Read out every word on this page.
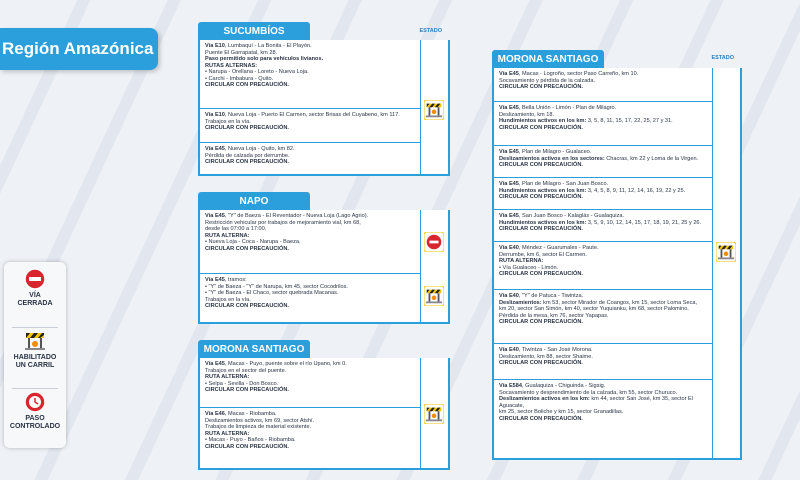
Región Amazónica
VÍA
CERRADA
HABILITADO
UN CARRIL
PASO
CONTROLADO
SUCUMBÍOS	ESTADO
Vía E10, Lumbaquí - La Bonita - El Playón.
Puente El Garrapatal, km 28.
Paso permitido solo para vehículos livianos.
RUTAS ALTERNAS:
• Narupa - Orellana - Loreto - Nueva Loja.
• Carchi - Imbabura - Quito.
CIRCULAR CON PRECAUCIÓN.
Vía E10, Nueva Loja - Puerto El Carmen, sector Brisas del Cuyabeno, km 117.
Trabajos en la vía.
CIRCULAR CON PRECAUCIÓN.
Vía E45, Nueva Loja - Quito, km 82.
Pérdida de calzada por derrumbe.
CIRCULAR CON PRECAUCIÓN.
NAPO
Vía E45, "Y" de Baeza - El Reventador - Nueva Loja (Lago Agrio).
Restricción vehicular por trabajos de mejoramiento vial, km 68,
desde las 07:00 a 17:00.
RUTA ALTERNA:
• Nueva Loja - Coca - Narupa - Baeza.
CIRCULAR CON PRECAUCIÓN.
Vía E45, tramos:
• "Y" de Baeza - "Y" de Narupa, km 45, sector Cocodrilos.
• "Y" de Baeza - El Chaco, sector quebrada Macanas.
Trabajos en la vía.
CIRCULAR CON PRECAUCIÓN.
MORONA SANTIAGO
Vía E45, Macas - Puyo, puente sobre el río Upano, km 0.
Trabajos en el sector del puente.
RUTA ALTERNA:
• Selpa - Sevilla - Don Bosco.
CIRCULAR CON PRECAUCIÓN.
Vía E46, Macas - Riobamba.
Deslizamientos activos, km 69, sector Atshí.
Trabajos de limpieza de material existente.
RUTA ALTERNA:
• Macas - Puyo - Baños - Riobamba.
CIRCULAR CON PRECAUCIÓN.
MORONA SANTIAGO	ESTADO
Vía E45, Macas - Logroño, sector Paso Carreño, km 10.
Socavamiento y pérdida de la calzada.
CIRCULAR CON PRECAUCIÓN.
Vía E45, Bella Unión - Limón - Plan de Milagro.
Deslizamiento, km 18.
Hundimientos activos en los km: 3, 5, 8, 11, 15, 17, 22, 25, 27 y 31.
CIRCULAR CON PRECAUCIÓN.
Vía E45, Plan de Milagro - Gualaceo.
Deslizamientos activos en los sectores: Chacras, km 22 y Loma de la Virgen.
CIRCULAR CON PRECAUCIÓN.
Vía E45, Plan de Milagro - San Juan Bosco.
Hundimientos activos en los km: 3, 4, 5, 8, 9, 11, 12, 14, 16, 19, 22 y 25.
CIRCULAR CON PRECAUCIÓN.
Vía E45, San Juan Bosco - Kalaglás - Gualaquiza.
Hundimientos activos en los km: 3, 5, 9, 10, 12, 14, 15, 17, 18, 19, 21, 25 y 26.
CIRCULAR CON PRECAUCIÓN.
Vía E40, Méndez - Guarumales - Paute.
Derrumbe, km 6, sector El Carmen.
RUTA ALTERNA:
• Vía Gualaceo - Limón.
CIRCULAR CON PRECAUCIÓN.
Vía E40, "Y" de Patuca - Tiwintza.
Deslizamientos: km 53, sector Mirador de Coangos, km 15, sector Loma Seca,
km 20, sector San Simón, km 40, sector Yuquianku, km 68, sector Palomino.
Pérdida de la mesa, km 76, sector Yapapas.
CIRCULAR CON PRECAUCIÓN.
Vía E40, Tiwintza - San José Morona.
Deslizamiento, km 88, sector Shaime.
CIRCULAR CON PRECAUCIÓN.
Vía E584, Gualaquiza - Chiguinda - Sigsig.
Socavamiento y desprendimiento de la calzada, km 55, sector Churuco.
Deslizamientos activos en los km: km 44, sector San José, km 35, sector El Aguacate,
km 25, sector Boliche y km 15, sector Granadillas.
CIRCULAR CON PRECAUCIÓN.
